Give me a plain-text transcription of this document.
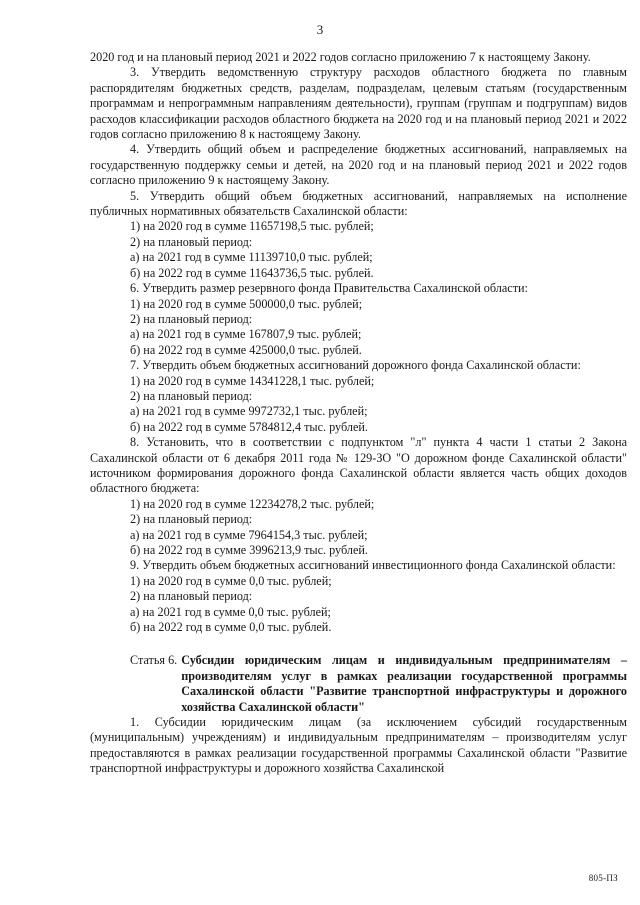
3

2020 год и на плановый период 2021 и 2022 годов согласно приложению 7 к настоящему Закону.

3. Утвердить ведомственную структуру расходов областного бюджета по главным распорядителям бюджетных средств, разделам, подразделам, целевым статьям (государственным программам и непрограммным направлениям деятельности), группам (группам и подгруппам) видов расходов классификации расходов областного бюджета на 2020 год и на плановый период 2021 и 2022 годов согласно приложению 8 к настоящему Закону.

4. Утвердить общий объем и распределение бюджетных ассигнований, направляемых на государственную поддержку семьи и детей, на 2020 год и на плановый период 2021 и 2022 годов согласно приложению 9 к настоящему Закону.

5. Утвердить общий объем бюджетных ассигнований, направляемых на исполнение публичных нормативных обязательств Сахалинской области:

1) на 2020 год в сумме 11657198,5 тыс. рублей;

2) на плановый период:

а) на 2021 год в сумме 11139710,0 тыс. рублей;

б) на 2022 год в сумме 11643736,5 тыс. рублей.

6. Утвердить размер резервного фонда Правительства Сахалинской области:

1) на 2020 год в сумме 500000,0 тыс. рублей;

2) на плановый период:

а) на 2021 год в сумме 167807,9 тыс. рублей;

б) на 2022 год в сумме 425000,0 тыс. рублей.

7. Утвердить объем бюджетных ассигнований дорожного фонда Сахалинской области:

1) на 2020 год в сумме 14341228,1 тыс. рублей;

2) на плановый период:

а) на 2021 год в сумме 9972732,1 тыс. рублей;

б) на 2022 год в сумме 5784812,4 тыс. рублей.

8. Установить, что в соответствии с подпунктом "л" пункта 4 части 1 статьи 2 Закона Сахалинской области от 6 декабря 2011 года № 129-ЗО "О дорожном фонде Сахалинской области" источником формирования дорожного фонда Сахалинской области является часть общих доходов областного бюджета:

1) на 2020 год в сумме 12234278,2 тыс. рублей;

2) на плановый период:

а) на 2021 год в сумме 7964154,3 тыс. рублей;

б) на 2022 год в сумме 3996213,9 тыс. рублей.

9. Утвердить объем бюджетных ассигнований инвестиционного фонда Сахалинской области:

1) на 2020 год в сумме 0,0 тыс. рублей;

2) на плановый период:

а) на 2021 год в сумме 0,0 тыс. рублей;

б) на 2022 год в сумме 0,0 тыс. рублей.

Статья 6. Субсидии юридическим лицам и индивидуальным предпринимателям – производителям услуг в рамках реализации государственной программы Сахалинской области "Развитие транспортной инфраструктуры и дорожного хозяйства Сахалинской области"

1. Субсидии юридическим лицам (за исключением субсидий государственным (муниципальным) учреждениям) и индивидуальным предпринимателям – производителям услуг предоставляются в рамках реализации государственной программы Сахалинской области "Развитие транспортной инфраструктуры и дорожного хозяйства Сахалинской

805-ПЗ
